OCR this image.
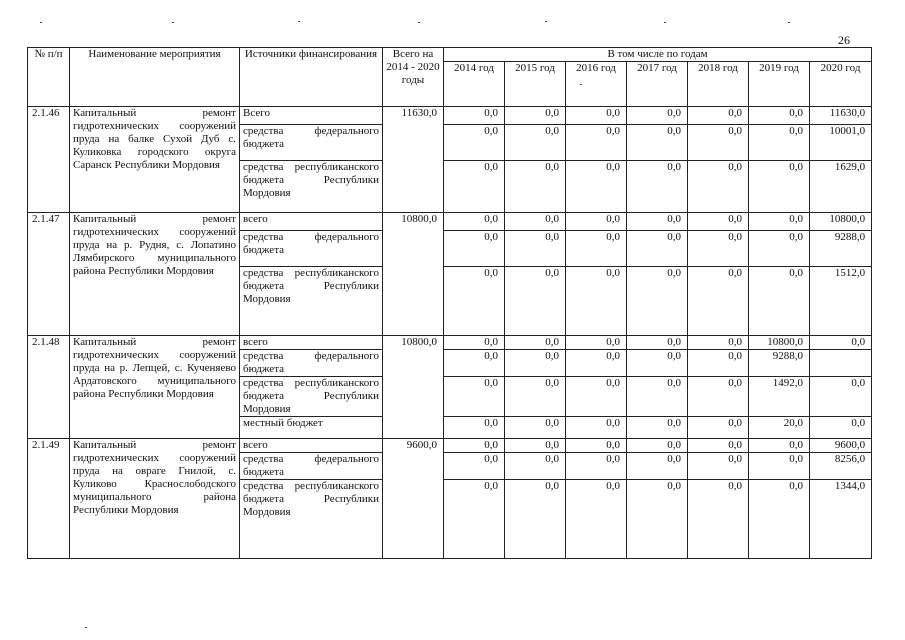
26
№ п/п	Наименование мероприятия	Источники финансирования	Всего на 2014 - 2020 годы	В том числе по годам						
				2014 год	2015 год	2016 год	2017 год	2018 год	2019 год	2020 год
2.1.46	Капитальный ремонт гидротехнических сооружений пруда на балке Сухой Дуб с. Куликовка городского округа Саранск Республики Мордовия	Всего	11630,0	0,0	0,0	0,0	0,0	0,0	0,0	11630,0
		средства федерального бюджета		0,0	0,0	0,0	0,0	0,0	0,0	10001,0
		средства республиканского бюджета Республики Мордовия		0,0	0,0	0,0	0,0	0,0	0,0	1629,0
2.1.47	Капитальный ремонт гидротехнических сооружений пруда на р. Рудня, с. Лопатино Лямбирского муниципального района Республики Мордовия	всего	10800,0	0,0	0,0	0,0	0,0	0,0	0,0	10800,0
		средства федерального бюджета		0,0	0,0	0,0	0,0	0,0	0,0	9288,0
		средства республиканского бюджета Республики Мордовия		0,0	0,0	0,0	0,0	0,0	0,0	1512,0
2.1.48	Капитальный ремонт гидротехнических сооружений пруда на р. Лепцей, с. Кученяево Ардатовского муниципального района Республики Мордовия	всего	10800,0	0,0	0,0	0,0	0,0	0,0	10800,0	0,0
		средства федерального бюджета		0,0	0,0	0,0	0,0	0,0	9288,0	
		средства республиканского бюджета Республики Мордовия		0,0	0,0	0,0	0,0	0,0	1492,0	0,0
		местный бюджет		0,0	0,0	0,0	0,0	0,0	20,0	0,0
2.1.49	Капитальный ремонт гидротехнических сооружений пруда на овраге Гнилой, с. Куликово Краснослободского муниципального района Республики Мордовия	всего	9600,0	0,0	0,0	0,0	0,0	0,0	0,0	9600,0
		средства федерального бюджета		0,0	0,0	0,0	0,0	0,0	0,0	8256,0
		средства республиканского бюджета Республики Мордовия		0,0	0,0	0,0	0,0	0,0	0,0	1344,0
